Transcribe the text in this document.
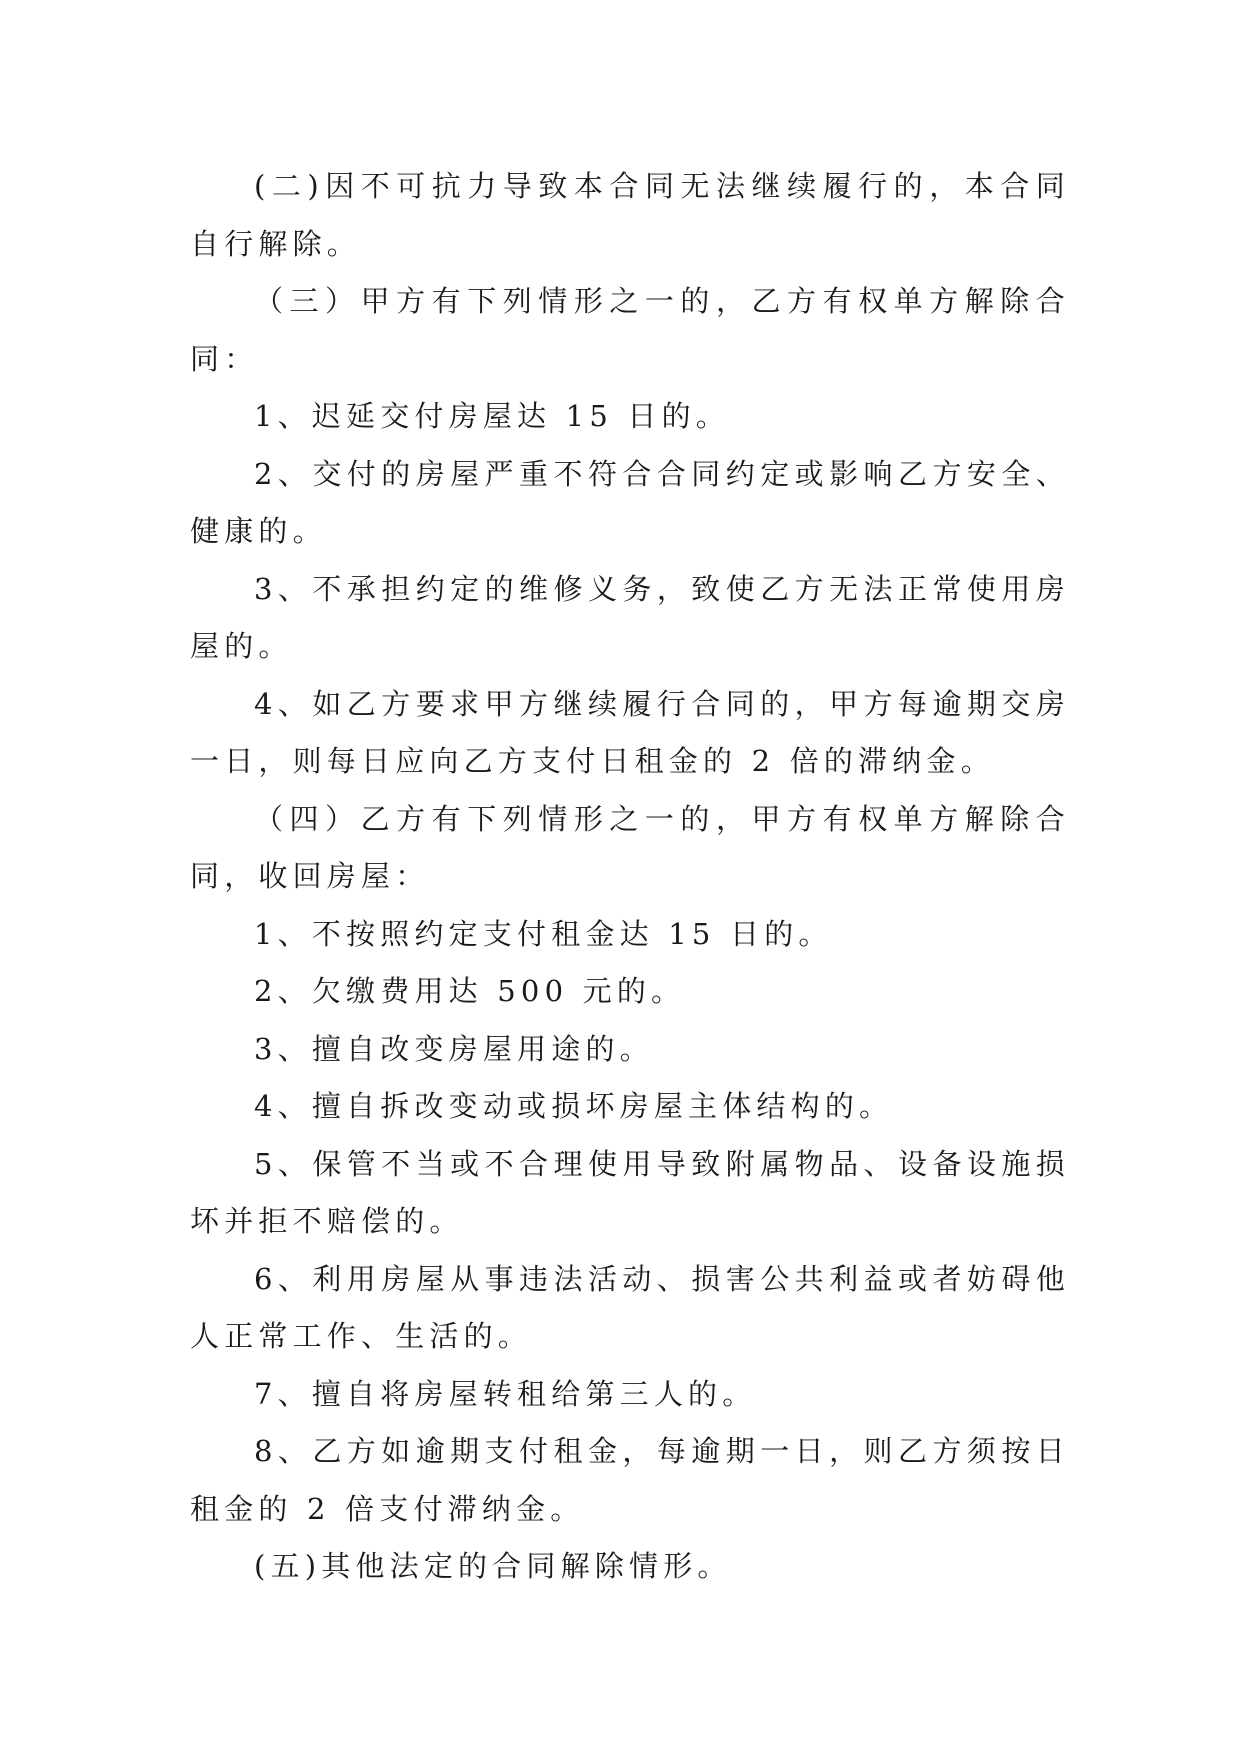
(二)因不可抗力导致本合同无法继续履行的，本合同自行解除。

（三）甲方有下列情形之一的，乙方有权单方解除合同：

1、迟延交付房屋达 15 日的。

2、交付的房屋严重不符合合同约定或影响乙方安全、健康的。

3、不承担约定的维修义务，致使乙方无法正常使用房屋的。

4、如乙方要求甲方继续履行合同的，甲方每逾期交房一日，则每日应向乙方支付日租金的 2 倍的滞纳金。

（四）乙方有下列情形之一的，甲方有权单方解除合同，收回房屋：

1、不按照约定支付租金达 15 日的。

2、欠缴费用达 500 元的。

3、擅自改变房屋用途的。

4、擅自拆改变动或损坏房屋主体结构的。

5、保管不当或不合理使用导致附属物品、设备设施损坏并拒不赔偿的。

6、利用房屋从事违法活动、损害公共利益或者妨碍他人正常工作、生活的。

7、擅自将房屋转租给第三人的。

8、乙方如逾期支付租金，每逾期一日，则乙方须按日租金的 2 倍支付滞纳金。

(五)其他法定的合同解除情形。
